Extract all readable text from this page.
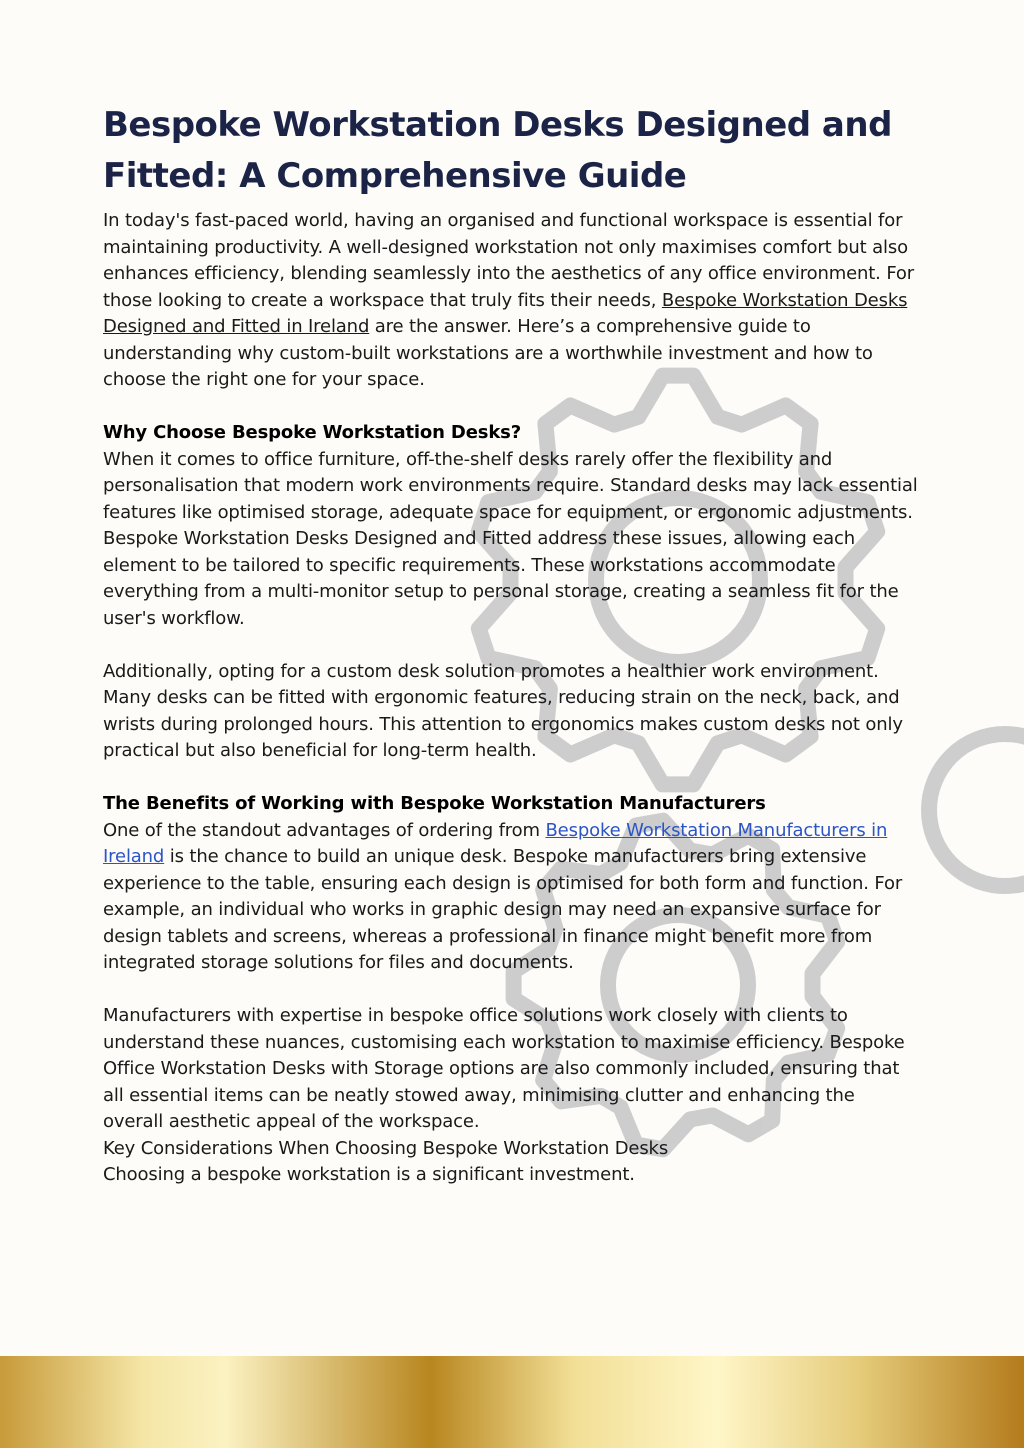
Bespoke Workstation Desks Designed and Fitted: A Comprehensive Guide

In today's fast-paced world, having an organised and functional workspace is essential for maintaining productivity. A well-designed workstation not only maximises comfort but also enhances efficiency, blending seamlessly into the aesthetics of any office environment. For those looking to create a workspace that truly fits their needs, Bespoke Workstation Desks Designed and Fitted in Ireland are the answer. Here’s a comprehensive guide to understanding why custom-built workstations are a worthwhile investment and how to choose the right one for your space.

Why Choose Bespoke Workstation Desks?
When it comes to office furniture, off-the-shelf desks rarely offer the flexibility and personalisation that modern work environments require. Standard desks may lack essential features like optimised storage, adequate space for equipment, or ergonomic adjustments. Bespoke Workstation Desks Designed and Fitted address these issues, allowing each element to be tailored to specific requirements. These workstations accommodate everything from a multi-monitor setup to personal storage, creating a seamless fit for the user's workflow.

Additionally, opting for a custom desk solution promotes a healthier work environment. Many desks can be fitted with ergonomic features, reducing strain on the neck, back, and wrists during prolonged hours. This attention to ergonomics makes custom desks not only practical but also beneficial for long-term health.

The Benefits of Working with Bespoke Workstation Manufacturers
One of the standout advantages of ordering from Bespoke Workstation Manufacturers in Ireland is the chance to build an unique desk. Bespoke manufacturers bring extensive experience to the table, ensuring each design is optimised for both form and function. For example, an individual who works in graphic design may need an expansive surface for design tablets and screens, whereas a professional in finance might benefit more from integrated storage solutions for files and documents.

Manufacturers with expertise in bespoke office solutions work closely with clients to understand these nuances, customising each workstation to maximise efficiency. Bespoke Office Workstation Desks with Storage options are also commonly included, ensuring that all essential items can be neatly stowed away, minimising clutter and enhancing the overall aesthetic appeal of the workspace.

Key Considerations When Choosing Bespoke Workstation Desks

Choosing a bespoke workstation is a significant investment.
